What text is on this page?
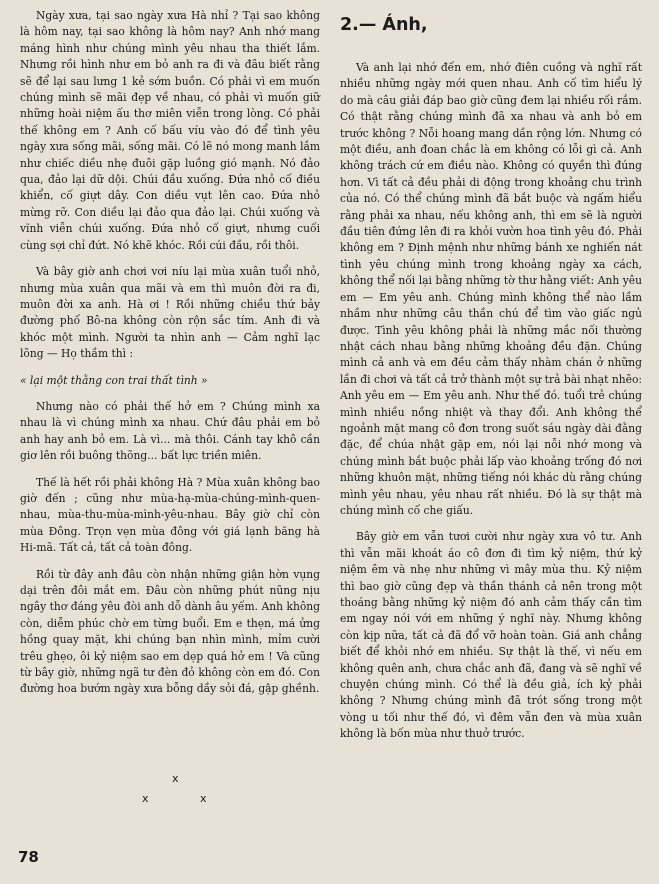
Ngày xưa, tại sao ngày xưa Hà nhỉ ? Tại sao không là hôm nay, tại sao không là hôm nay? Anh nhớ mang máng hình như chúng mình yêu nhau tha thiết lắm. Nhưng rồi hình như em bỏ anh ra đi và đâu biết rằng sẽ để lại sau lưng 1 kẻ sớm buồn. Có phải vì em muốn chúng mình sẽ mãi đẹp về nhau, có phải vì muốn giữ những hoài niệm ấu thơ miên viễn trong lòng. Có phải thế không em ? Anh cố bấu víu vào đó để tình yêu ngày xưa sống mãi, sống mãi. Có lẽ nó mong manh lắm như chiếc diều nhẹ đuôi gặp luồng gió mạnh. Nó đảo qua, đảo lại dữ dội. Chúi đầu xuống. Đứa nhỏ cố điều khiển, cố giựt dây. Con diều vụt lên cao. Đứa nhỏ mừng rỡ. Con diều lại đảo qua đảo lại. Chúi xuống và vĩnh viễn chúi xuống. Đứa nhỏ cố giựt, nhưng cuối cùng sợi chỉ đứt. Nó khẽ khóc. Rồi cúi đầu, rồi thôi.

Và bây giờ anh chơi vơi níu lại mùa xuân tuổi nhỏ, nhưng mùa xuân qua mãi và em thì muôn đời ra đi, muôn đời xa anh. Hà ơi ! Rồi những chiều thứ bảy đường phố Bô-na không còn rộn sắc tím. Anh đi và khóc một mình. Người ta nhìn anh — Cảm nghĩ lạc lõng — Họ thầm thì :

« lại một thằng con trai thất tình »

Nhưng nào có phải thế hở em ? Chúng mình xa nhau là vì chúng mình xa nhau. Chứ đâu phải em bỏ anh hay anh bỏ em. Là vì... mà thôi. Cánh tay khô cần giơ lên rồi buông thõng... bất lực triền miên.

Thế là hết rồi phải không Hà ? Mùa xuân không bao giờ đến ; cũng như mùa-hạ-mùa-chúng-mình-quen-nhau, mùa-thu-mùa-mình-yêu-nhau. Bây giờ chỉ còn mùa Đông. Trọn vẹn mùa đông với giá lạnh băng hà Hi-mã. Tất cả, tất cả toàn đông.

Rồi từ đây anh đâu còn nhận những giận hờn vụng dại trên đôi mắt em. Đâu còn những phút nũng nịu ngây thơ đáng yêu đòi anh dỗ dành âu yếm. Anh không còn, diễm phúc chờ em từng buổi. Em e thẹn, má ửng hồng quay mặt, khi chúng bạn nhìn mình, mỉm cười trêu ghẹo, ôi kỷ niệm sao em dẹp quá hở em ! Và cũng từ bây giờ, những ngã tư đèn đỏ không còn em đó. Con đường hoa bướm ngày xưa bỗng dầy sỏi đá, gập ghềnh.

x
x	x
2.— Ánh,

Và anh lại nhớ đến em, nhớ điên cuồng và nghĩ rất nhiều những ngày mới quen nhau. Anh cố tìm hiểu lý do mà câu giải đáp bao giờ cũng đem lại nhiều rối rắm. Có thật rằng chúng mình đã xa nhau và anh bỏ em trước không ? Nỗi hoang mang dần rộng lớn. Nhưng có một điều, anh đoan chắc là em không có lỗi gì cả. Anh không trách cứ em điều nào. Không có quyền thì đúng hơn. Vì tất cả đều phải di động trong khoảng chu trình của nó. Có thể chúng mình đã bắt buộc và ngấm hiểu rằng phải xa nhau, nếu không anh, thì em sẽ là người đầu tiên đứng lên đi ra khỏi vườn hoa tình yêu đó. Phải không em ? Định mệnh như những bánh xe nghiến nát tình yêu chúng mình trong khoảng ngày xa cách, không thể nối lại bằng những tờ thư hằng viết: Anh yêu em — Em yêu anh. Chúng mình không thể nào lầm nhầm như những câu thần chú để tìm vào giấc ngủ được. Tình yêu không phải là những mắc nối thường nhật cách nhau bằng những khoảng đều đặn. Chúng mình cả anh và em đều cảm thấy nhàm chán ở những lần đi chơi và tất cả trở thành một sự trả bài nhạt nhẽo: Anh yêu em — Em yêu anh. Như thế đó. tuổi trẻ chúng mình nhiều nồng nhiệt và thay đổi. Anh không thể ngoảnh mặt mang cô đơn trong suốt sáu ngày dài đằng đặc, để chúa nhật gặp em, nói lại nỗi nhớ mong và chúng mình bắt buộc phải lấp vào khoảng trống đó nơi những khuôn mặt, những tiếng nói khác dù rằng chúng mình yêu nhau, yêu nhau rất nhiều. Đó là sự thật mà chúng mình cố che giấu.

Bây giờ em vẫn tươi cười như ngày xưa vô tư. Anh thì vẫn mãi khoát áo cô đơn đi tìm kỷ niệm, thứ kỷ niệm êm và nhẹ như những vì mây mùa thu. Kỷ niệm thì bao giờ cũng đẹp và thần thánh cả nên trong một thoáng bằng những kỷ niệm đó anh cảm thấy cần tìm em ngay nói với em những ý nghĩ này. Nhưng không còn kịp nữa, tất cả đã đổ vỡ hoàn toàn. Giá anh chẳng biết để khỏi nhớ em nhiều. Sự thật là thế, vì nếu em không quên anh, chưa chắc anh đã, đang và sẽ nghĩ về chuyện chúng mình. Có thể là đều giả, ích kỷ phải không ? Nhưng chúng mình đã trót sống trong một vòng u tối như thế đó, vì đêm vẫn đen và mùa xuân không là bốn mùa như thuở trước.

78
